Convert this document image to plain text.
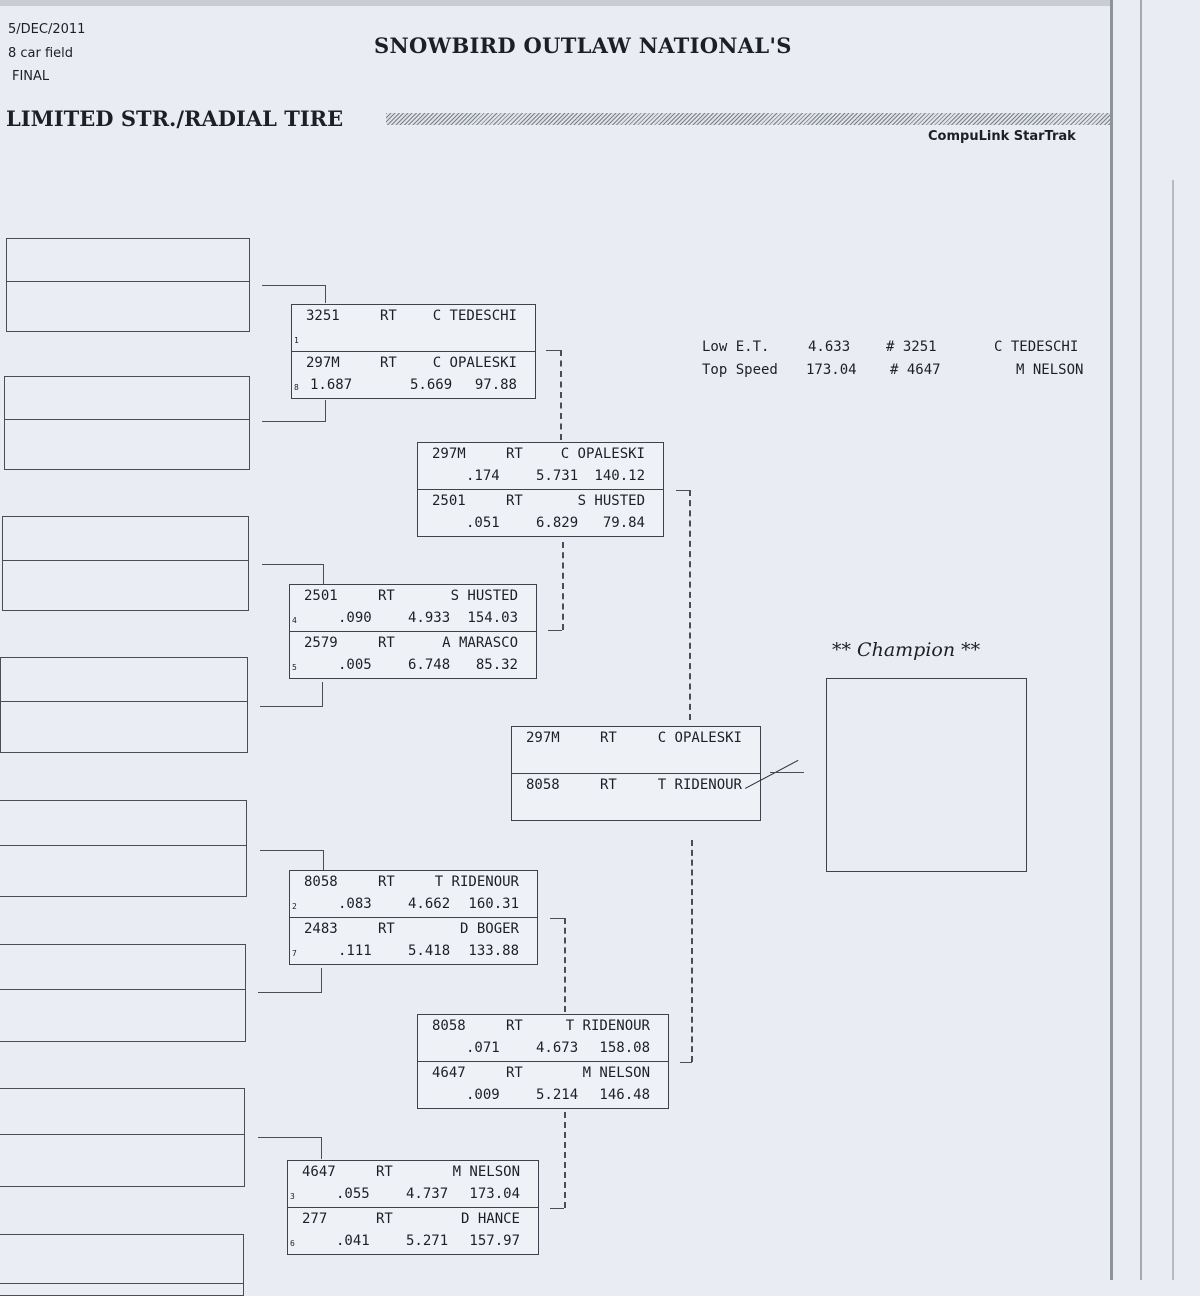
5/DEC/2011
8 car field
FINAL
SNOWBIRD OUTLAW NATIONAL'S
LIMITED STR./RADIAL TIRE
CompuLink StarTrak
3251	RT	C TEDESCHI
1
297M	RT	C OPALESKI
8 1.687	5.669 97.88
2501	RT	S HUSTED
4	.090	4.933 154.03
2579	RT	A MARASCO
5	.005	6.748 85.32
8058	RT	T RIDENOUR
2	.083	4.662 160.31
2483	RT	D BOGER
7	.111	5.418 133.88
4647	RT	M NELSON
3	.055	4.737 173.04
277	RT	D HANCE
6	.041	5.271 157.97
297M	RT	C OPALESKI
.174	5.731 140.12
2501	RT	S HUSTED
.051	6.829 79.84
8058	RT	T RIDENOUR
.071	4.673 158.08
4647	RT	M NELSON
.009	5.214 146.48
297M	RT	C OPALESKI
8058	RT	T RIDENOUR
Low E.T.	4.633	# 3251	C TEDESCHI
Top Speed 173.04 # 4647	M NELSON
** Champion **
